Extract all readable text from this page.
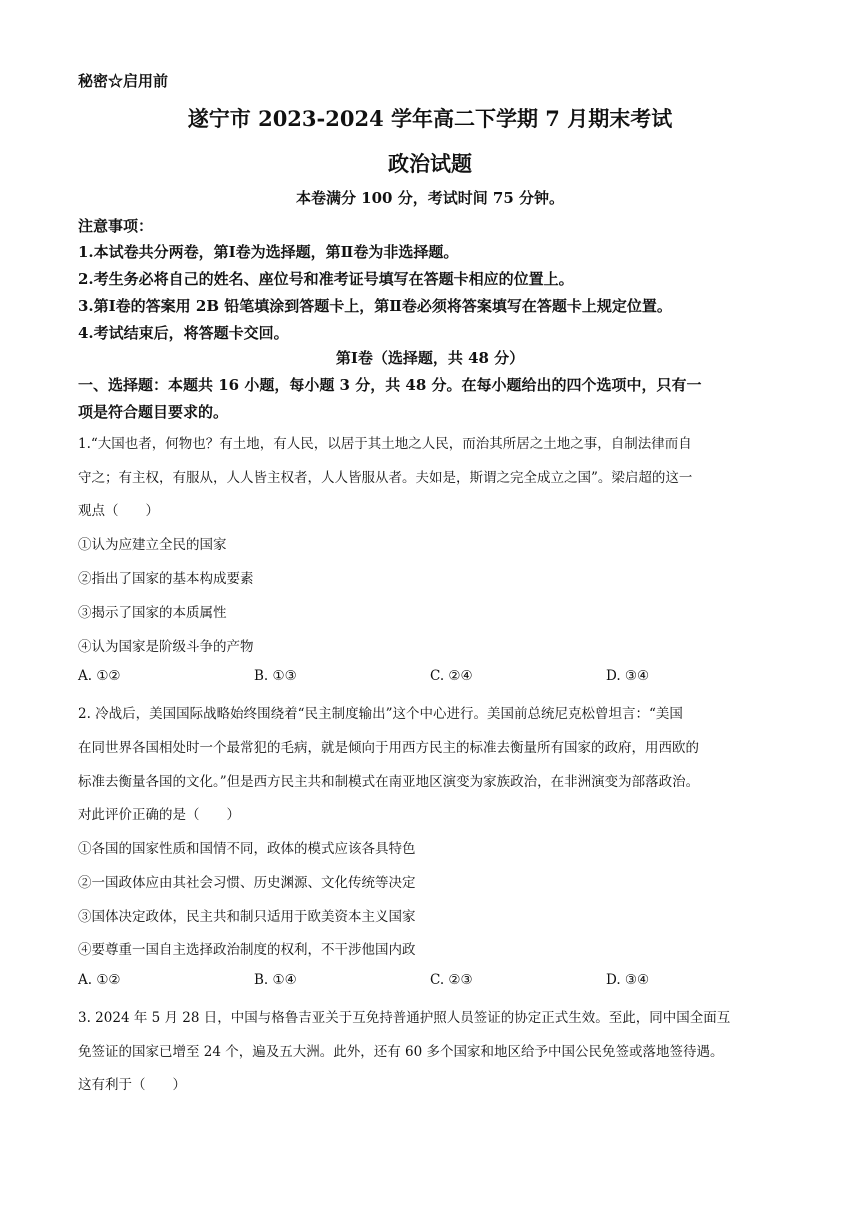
秘密☆启用前
遂宁市 2023-2024 学年高二下学期 7 月期末考试
政治试题
本卷满分 100 分，考试时间 75 分钟。
注意事项：
1.本试卷共分两卷，第Ⅰ卷为选择题，第Ⅱ卷为非选择题。
2.考生务必将自己的姓名、座位号和准考证号填写在答题卡相应的位置上。
3.第Ⅰ卷的答案用 2B 铅笔填涂到答题卡上，第Ⅱ卷必须将答案填写在答题卡上规定位置。
4.考试结束后，将答题卡交回。
第Ⅰ卷（选择题，共 48 分）
一、选择题：本题共 16 小题，每小题 3 分，共 48 分。在每小题给出的四个选项中，只有一
项是符合题目要求的。
1.“大国也者，何物也？有土地，有人民，以居于其土地之人民，而治其所居之土地之事，自制法律而自
守之；有主权，有服从，人人皆主权者，人人皆服从者。夫如是，斯谓之完全成立之国”。梁启超的这一
观点（　　）
①认为应建立全民的国家
②指出了国家的基本构成要素
③揭示了国家的本质属性
④认为国家是阶级斗争的产物
A. ①②	B. ①③	C. ②④	D. ③④
2. 冷战后，美国国际战略始终围绕着“民主制度输出”这个中心进行。美国前总统尼克松曾坦言：“美国
在同世界各国相处时一个最常犯的毛病，就是倾向于用西方民主的标准去衡量所有国家的政府，用西欧的
标准去衡量各国的文化。”但是西方民主共和制模式在南亚地区演变为家族政治，在非洲演变为部落政治。
对此评价正确的是（　　）
①各国的国家性质和国情不同，政体的模式应该各具特色
②一国政体应由其社会习惯、历史渊源、文化传统等决定
③国体决定政体，民主共和制只适用于欧美资本主义国家
④要尊重一国自主选择政治制度的权利，不干涉他国内政
A. ①②	B. ①④	C. ②③	D. ③④
3. 2024 年 5 月 28 日，中国与格鲁吉亚关于互免持普通护照人员签证的协定正式生效。至此，同中国全面互
免签证的国家已增至 24 个，遍及五大洲。此外，还有 60 多个国家和地区给予中国公民免签或落地签待遇。
这有利于（　　）
